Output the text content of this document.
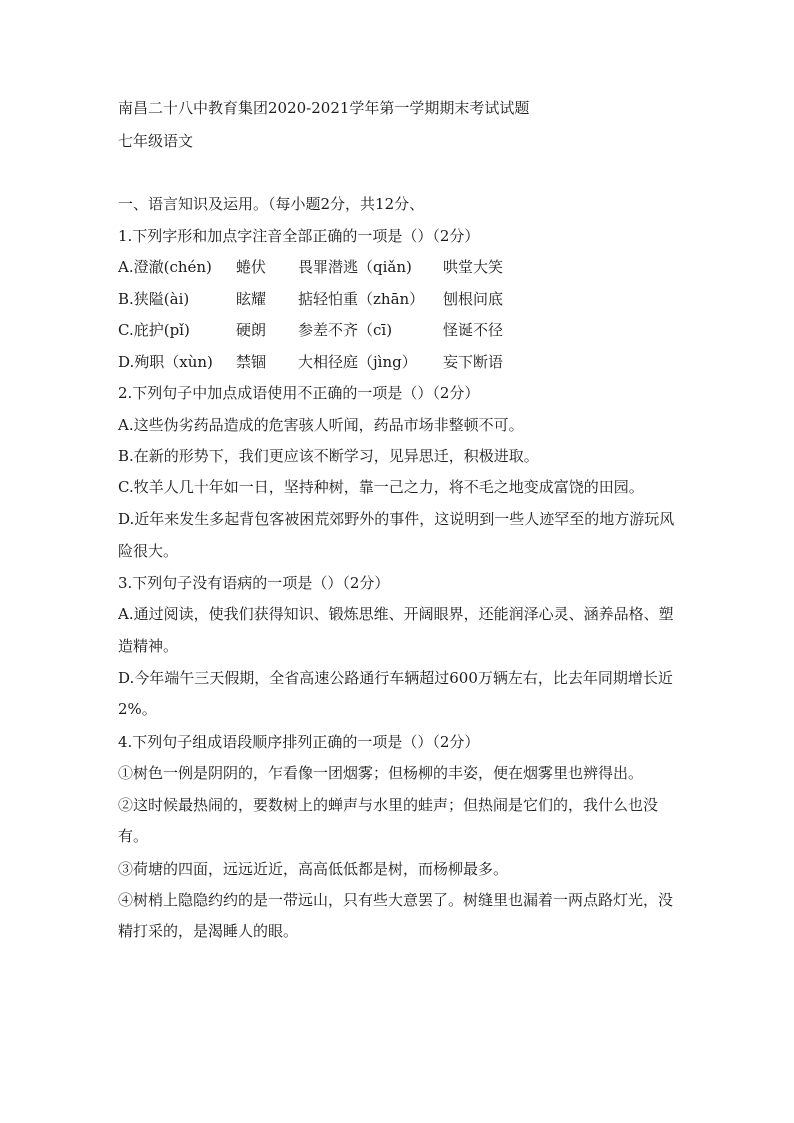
南昌二十八中教育集团2020-2021学年第一学期期末考试试题
七年级语文
一、语言知识及运用。（每小题2分，共12分、
1.下列字形和加点字注音全部正确的一项是（）（2分）
A.澄澈(chén)	蜷伏	畏罪潜逃（qiǎn)	哄堂大笑
B.狭隘(ài)	眩耀	掂轻怕重（zhān）	刨根问底
C.庇护(pǐ)	硬朗	参差不齐（cī)	怪诞不径
D.殉职（xùn)	禁锢	大相径庭（jìng）	妄下断语
2.下列句子中加点成语使用不正确的一项是（）（2分）
A.这些伪劣药品造成的危害骇人听闻，药品市场非整顿不可。
B.在新的形势下，我们更应该不断学习，见异思迁，积极进取。
C.牧羊人几十年如一日，坚持种树，靠一己之力，将不毛之地变成富饶的田园。
D.近年来发生多起背包客被困荒郊野外的事件，这说明到一些人迹罕至的地方游玩风险很大。
3.下列句子没有语病的一项是（）（2分）
A.通过阅读，使我们获得知识、锻炼思维、开阔眼界，还能润泽心灵、涵养品格、塑造精神。
D.今年端午三天假期，全省高速公路通行车辆超过600万辆左右，比去年同期增长近2%。
4.下列句子组成语段顺序排列正确的一项是（）（2分）
①树色一例是阴阴的，乍看像一团烟雾；但杨柳的丰姿，便在烟雾里也辨得出。
②这时候最热闹的，要数树上的蝉声与水里的蛙声；但热闹是它们的，我什么也没有。
③荷塘的四面，远远近近，高高低低都是树，而杨柳最多。
④树梢上隐隐约约的是一带远山，只有些大意罢了。树缝里也漏着一两点路灯光，没精打采的，是渴睡人的眼。
